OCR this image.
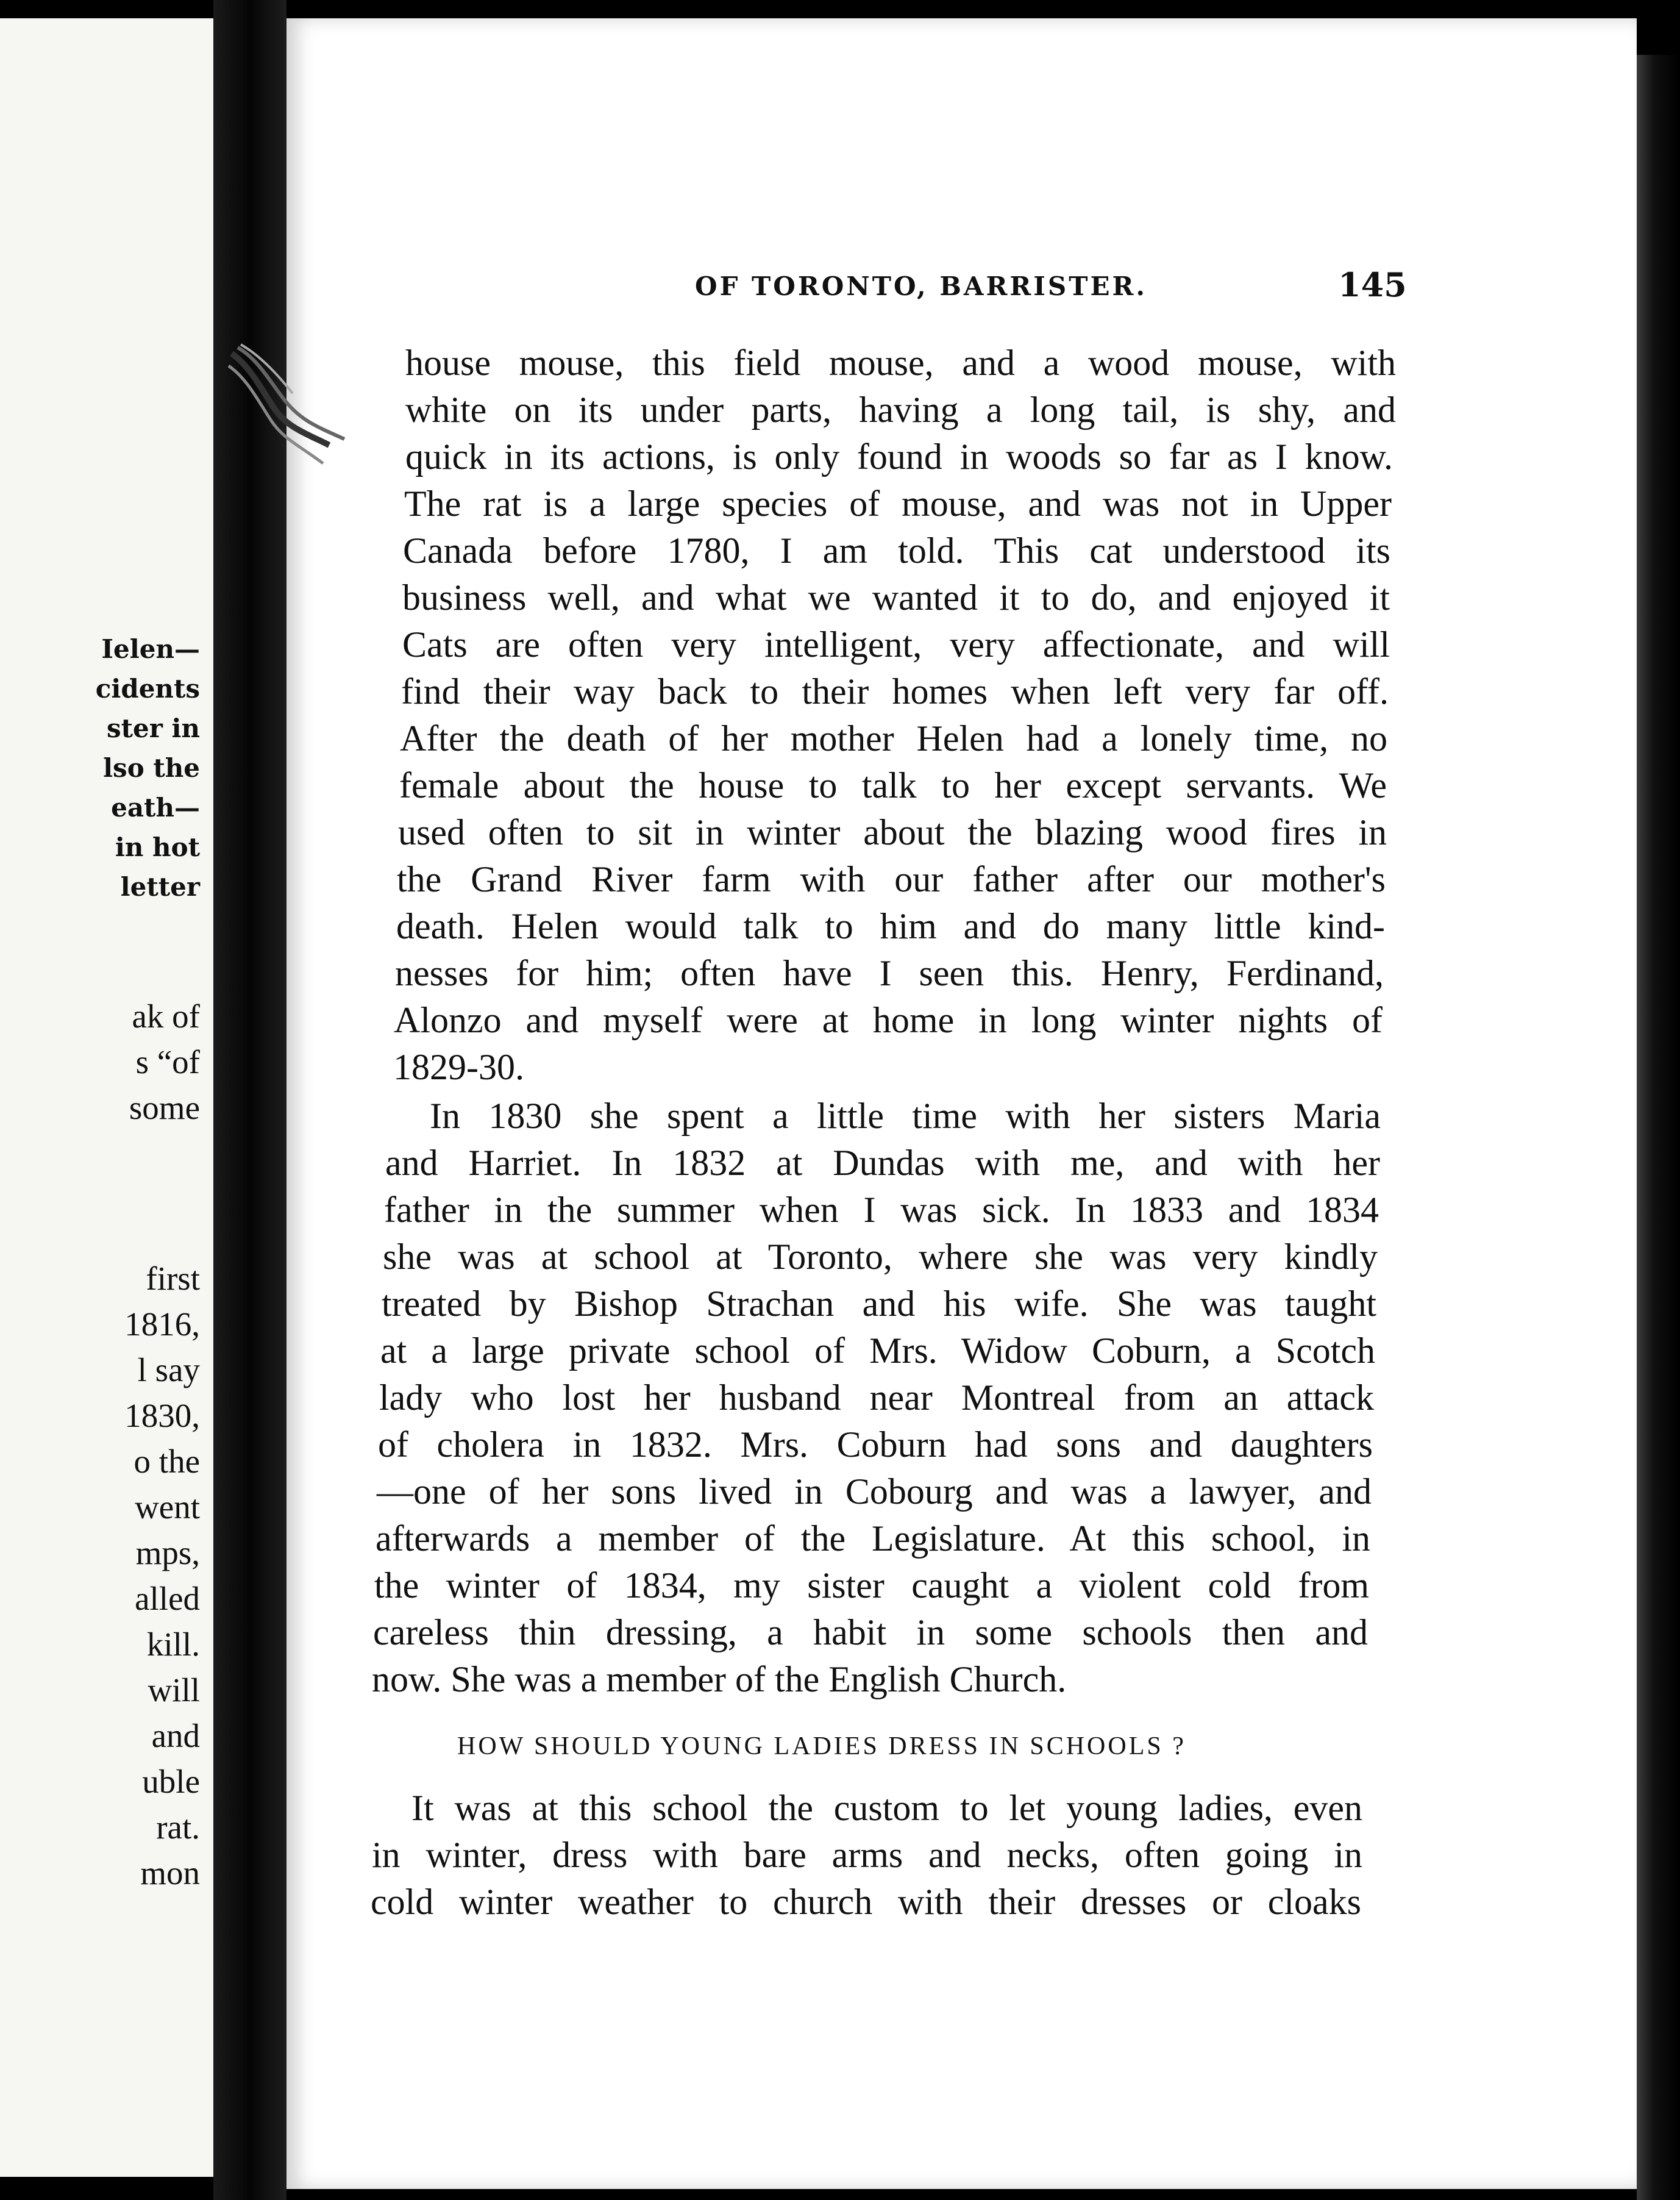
Ielen—
cidents
ster in
lso the
eath—
in hot
letter
ak of
s “of
some
first
1816,
l say
1830,
o the
went
mps,
alled
kill.
will
and
uble
rat.
mon
OF TORONTO, BARRISTER.	145
house mouse, this field mouse, and a wood mouse, with
white on its under parts, having a long tail, is shy, and
quick in its actions, is only found in woods so far as I know.
The rat is a large species of mouse, and was not in Upper
Canada before 1780, I am told. This cat understood its
business well, and what we wanted it to do, and enjoyed it
Cats are often very intelligent, very affectionate, and will
find their way back to their homes when left very far off.
After the death of her mother Helen had a lonely time, no
female about the house to talk to her except servants. We
used often to sit in winter about the blazing wood fires in
the Grand River farm with our father after our mother's
death. Helen would talk to him and do many little kind-
nesses for him; often have I seen this. Henry, Ferdinand,
Alonzo and myself were at home in long winter nights of
1829-30.
In 1830 she spent a little time with her sisters Maria
and Harriet. In 1832 at Dundas with me, and with her
father in the summer when I was sick. In 1833 and 1834
she was at school at Toronto, where she was very kindly
treated by Bishop Strachan and his wife. She was taught
at a large private school of Mrs. Widow Coburn, a Scotch
lady who lost her husband near Montreal from an attack
of cholera in 1832. Mrs. Coburn had sons and daughters
—one of her sons lived in Cobourg and was a lawyer, and
afterwards a member of the Legislature. At this school, in
the winter of 1834, my sister caught a violent cold from
careless thin dressing, a habit in some schools then and
now. She was a member of the English Church.
HOW SHOULD YOUNG LADIES DRESS IN SCHOOLS ?
It was at this school the custom to let young ladies, even
in winter, dress with bare arms and necks, often going in
cold winter weather to church with their dresses or cloaks
